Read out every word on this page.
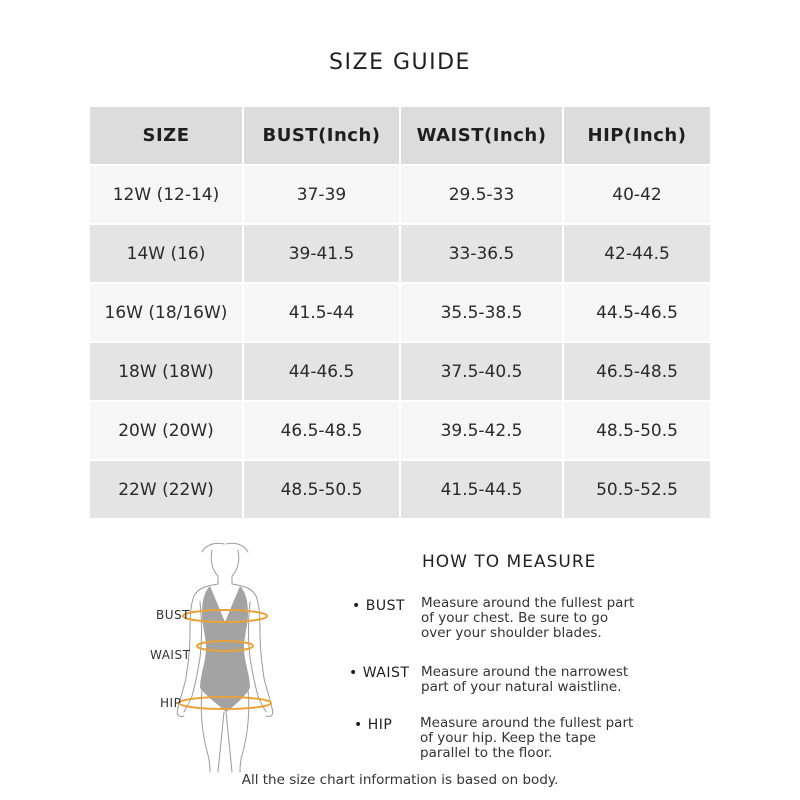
SIZE GUIDE
SIZE	BUST(Inch)	WAIST(Inch)	HIP(Inch)
12W (12-14)	37-39	29.5-33	40-42
14W (16)	39-41.5	33-36.5	42-44.5
16W (18/16W)	41.5-44	35.5-38.5	44.5-46.5
18W (18W)	44-46.5	37.5-40.5	46.5-48.5
20W (20W)	46.5-48.5	39.5-42.5	48.5-50.5
22W (22W)	48.5-50.5	41.5-44.5	50.5-52.5
BUST
WAIST
HIP
HOW TO MEASURE
• BUST Measure around the fullest part
of your chest. Be sure to go
over your shoulder blades.
• WAIST Measure around the narrowest
part of your natural waistline.
• HIP Measure around the fullest part
of your hip. Keep the tape
parallel to the floor.
All the size chart information is based on body.
